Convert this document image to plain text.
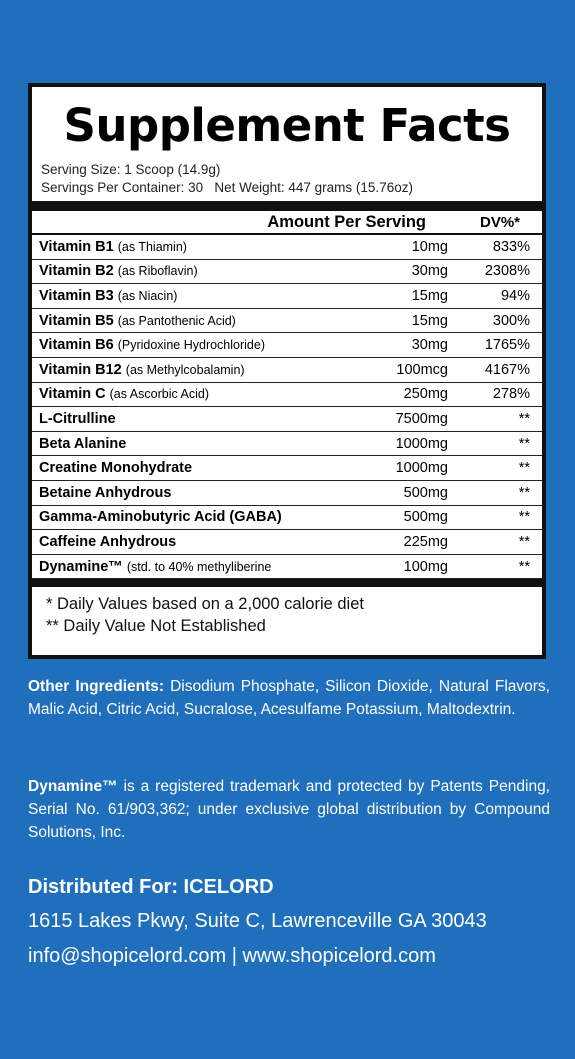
Supplement Facts
Serving Size: 1 Scoop (14.9g)
Servings Per Container: 30 Net Weight: 447 grams (15.76oz)
Amount Per Serving	DV%*
Vitamin B1 (as Thiamin)	10mg	833%
Vitamin B2 (as Riboflavin)	30mg	2308%
Vitamin B3 (as Niacin)	15mg	94%
Vitamin B5 (as Pantothenic Acid)	15mg	300%
Vitamin B6 (Pyridoxine Hydrochloride)	30mg	1765%
Vitamin B12 (as Methylcobalamin)	100mcg	4167%
Vitamin C (as Ascorbic Acid)	250mg	278%
L-Citrulline	7500mg	**
Beta Alanine	1000mg	**
Creatine Monohydrate	1000mg	**
Betaine Anhydrous	500mg	**
Gamma-Aminobutyric Acid (GABA)	500mg	**
Caffeine Anhydrous	225mg	**
Dynamine™ (std. to 40% methyliberine	100mg	**
* Daily Values based on a 2,000 calorie diet
** Daily Value Not Established
Other Ingredients: Disodium Phosphate, Silicon Dioxide, Natural Flavors, Malic Acid, Citric Acid, Sucralose, Acesulfame Potassium, Maltodextrin.
Dynamine™ is a registered trademark and protected by Patents Pending, Serial No. 61/903,362; under exclusive global distribution by Compound Solutions, Inc.
Distributed For: ICELORD
1615 Lakes Pkwy, Suite C, Lawrenceville GA 30043
info@shopicelord.com | www.shopicelord.com
